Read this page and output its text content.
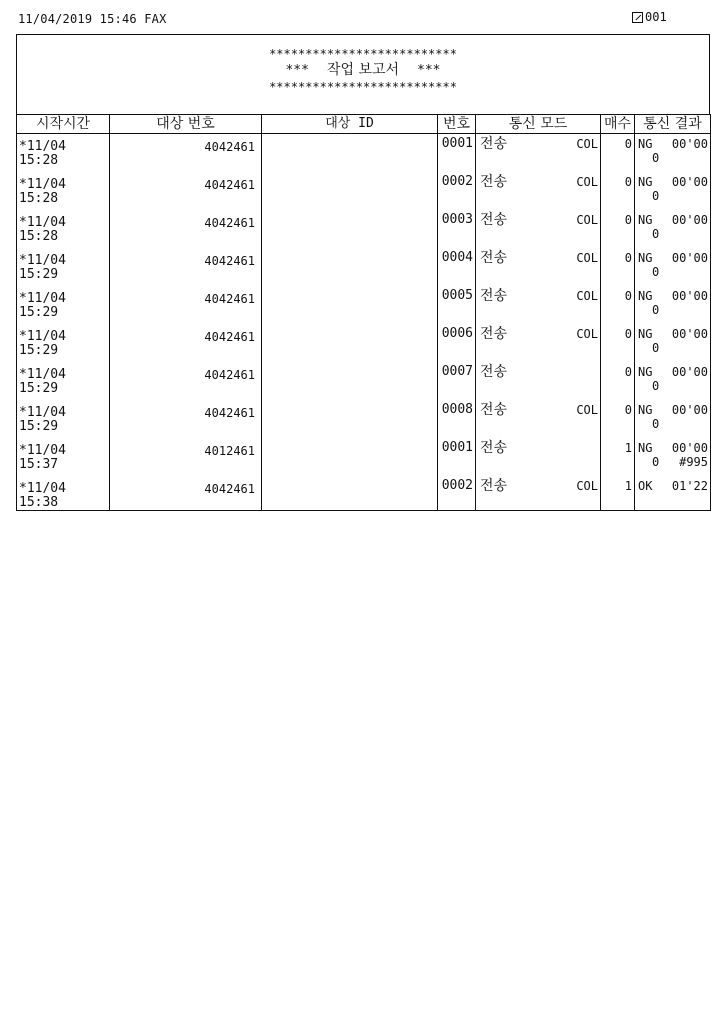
11/04/2019 15:46 FAX	001
**************************
*** 작업 보고서 ***
**************************
시작시간	대상 번호	대상 ID	번호	통신 모드	매수	통신 결과
*11/04 15:28	4042461		0001	전송 COL	0	NG 00'00
0

*11/04 15:28	4042461		0002	전송 COL	0	NG 00'00
0

*11/04 15:28	4042461		0003	전송 COL	0	NG 00'00
0

*11/04 15:29	4042461		0004	전송 COL	0	NG 00'00
0

*11/04 15:29	4042461		0005	전송 COL	0	NG 00'00
0

*11/04 15:29	4042461		0006	전송 COL	0	NG 00'00
0

*11/04 15:29	4042461		0007	전송	0	NG 00'00
0

*11/04 15:29	4042461		0008	전송 COL	0	NG 00'00
0

*11/04 15:37	4012461		0001	전송	1	NG 00'00
0 #995

*11/04 15:38	4042461		0002	전송 COL	1	OK 01'22
